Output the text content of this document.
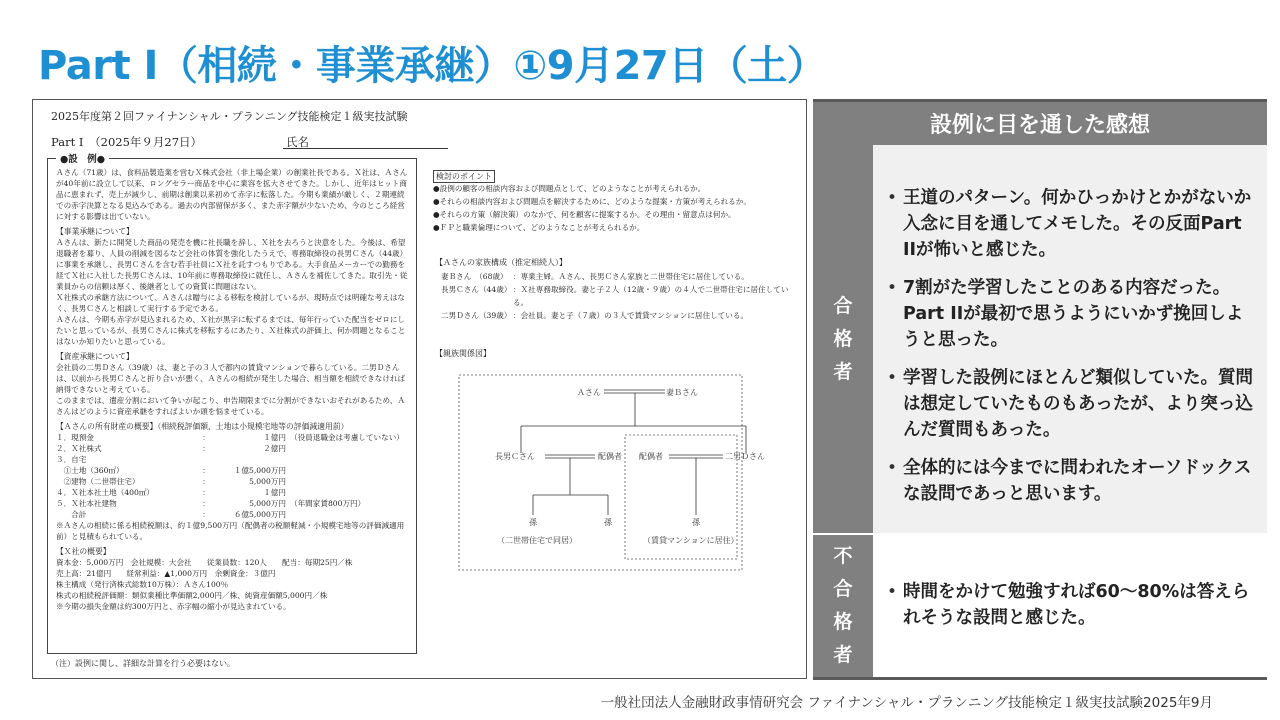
Part Ⅰ（相続・事業承継）①9月27日（土）
2025年度第２回ファイナンシャル・プランニング技能検定１級実技試験
Part Ⅰ　（2025年９月27日）	氏名
●設　例●
Ａさん（71歳）は、食料品製造業を営むＸ株式会社（非上場企業）の創業社長である。Ｘ社は、Ａさんが40年前に設立して以来、ロングセラー商品を中心に業容を拡大させてきた。しかし、近年はヒット商品に恵まれず、売上が減少し、前期は創業以来初めて赤字に転落した。今期も業績が厳しく、２期連続での赤字決算となる見込みである。過去の内部留保が多く、また赤字額が少ないため、今のところ経営に対する影響は出ていない。
【事業承継について】
Ａさんは、新たに開発した商品の発売を機に社長職を辞し、Ｘ社を去ろうと決意をした。今後は、希望退職者を募り、人員の削減を図るなど会社の体質を強化したうえで、専務取締役の長男Ｃさん（44歳）に事業を承継し、長男Ｃさんを含む若手社員にＸ社を託すつもりである。大手食品メーカーでの勤務を経てＸ社に入社した長男Ｃさんは、10年前に専務取締役に就任し、Ａさんを補佐してきた。取引先・従業員からの信頼は厚く、後継者としての資質に問題はない。
Ｘ社株式の承継方法について、Ａさんは贈与による移転を検討しているが、現時点では明確な考えはなく、長男Ｃさんと相談して実行する予定である。
Ａさんは、今期も赤字が見込まれるため、Ｘ社が黒字に転ずるまでは、毎年行っていた配当をゼロにしたいと思っているが、長男Ｃさんに株式を移転するにあたり、Ｘ社株式の評価上、何か問題となることはないか知りたいと思っている。
【資産承継について】
会社員の二男Ｄさん（39歳）は、妻と子の３人で都内の賃貸マンションで暮らしている。二男Ｄさんは、以前から長男Ｃさんと折り合いが悪く、Ａさんの相続が発生した場合、相当額を相続できなければ納得できないと考えている。
このままでは、遺産分割において争いが起こり、申告期限までに分割ができないおそれがあるため、Ａさんはどのように資産承継をすればよいか頭を悩ませている。
【Ａさんの所有財産の概要】（相続税評価額、土地は小規模宅地等の評価減適用前）
１．現預金	：	１億円 （役員退職金は考慮していない）
２．Ｘ社株式	：	２億円
３．自宅
　①土地（360㎡）	：	１億5,000万円
　②建物（二世帯住宅）	：	5,000万円
４．Ｘ社本社土地（400㎡）	：	１億円
５．Ｘ社本社建物	：	5,000万円 （年間家賃800万円）
　　合計	：	６億5,000万円
※Ａさんの相続に係る相続税額は、約１億9,500万円（配偶者の税額軽減・小規模宅地等の評価減適用前）と見積もられている。
【Ｘ社の概要】
資本金：5,000万円　会社規模：大会社　　従業員数：120人　　配当：毎期25円／株
売上高：21億円　　経常利益：▲1,000万円　余剰資金：３億円
株主構成（発行済株式総数10万株）：Ａさん100％
株式の相続税評価額：類似業種比準価額2,000円／株、純資産価額5,000円／株
※今期の損失金額は約300万円と、赤字幅の縮小が見込まれている。
（注）設例に関し、詳細な計算を行う必要はない。
検討のポイント
●設例の顧客の相談内容および問題点として、どのようなことが考えられるか。
●それらの相談内容および問題点を解決するために、どのような提案・方策が考えられるか。
●それらの方策（解決策）のなかで、何を顧客に提案するか。その理由・留意点は何か。
●ＦＰと職業倫理について、どのようなことが考えられるか。
【Ａさんの家族構成（推定相続人）】
妻Ｂさん　（68歳） ：専業主婦。Ａさん、長男Ｃさん家族と二世帯住宅に居住している。
長男Ｃさん（44歳） ：Ｘ社専務取締役。妻と子２人（12歳・９歳）の４人で二世帯住宅に居住している。
二男Ｄさん（39歳） ：会社員。妻と子（７歳）の３人で賃貸マンションに居住している。
【親族関係図】
Ａさん	妻Ｂさん
長男Ｃさん	配偶者 配偶者	二男Ｄさん
孫	孫	孫
（二世帯住宅で同居）	（賃貸マンションに居住）
設例に目を通した感想
合
格
者
• 王道のパターン。何かひっかけとかがないか入念に目を通してメモした。その反面Part IIが怖いと感じた。
• 7割がた学習したことのある内容だった。Part IIが最初で思うようにいかず挽回しようと思った。
• 学習した設例にほとんど類似していた。質問は想定していたものもあったが、より突っ込んだ質問もあった。
• 全体的には今までに問われたオーソドックスな設問であっと思います。
不
合
格
者
• 時間をかけて勉強すれば60～80%は答えられそうな設問と感じた。
一般社団法人金融財政事情研究会 ファイナンシャル・プランニング技能検定１級実技試験2025年9月
